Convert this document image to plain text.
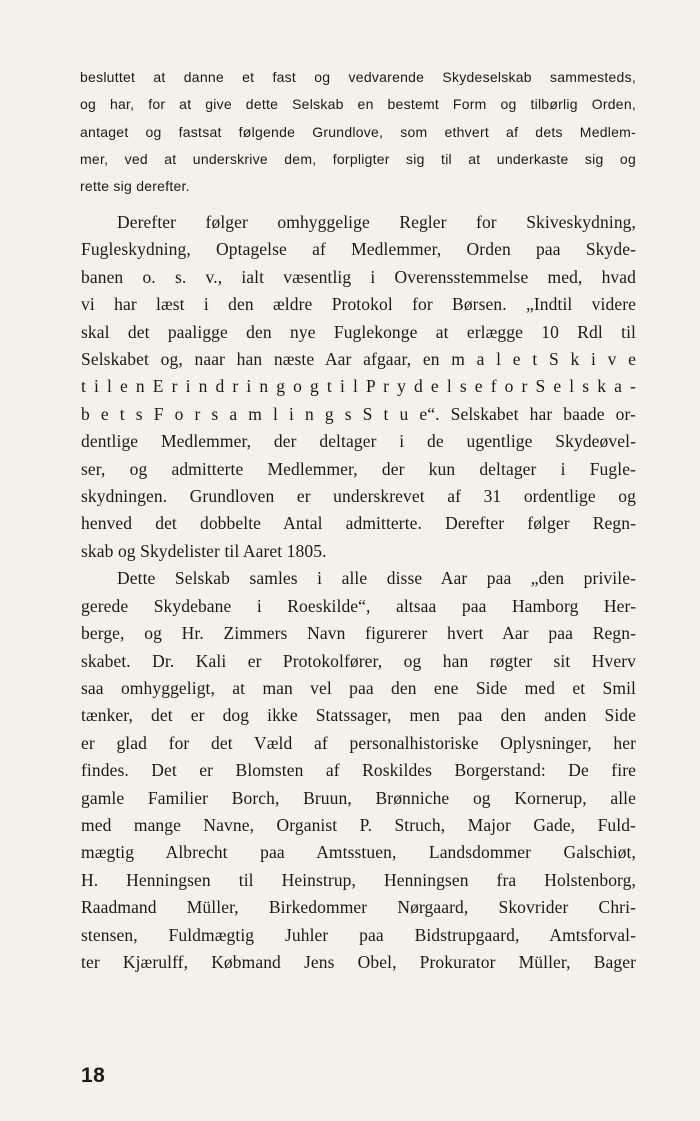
besluttet at danne et fast og vedvarende Skydeselskab sammesteds,
og har, for at give dette Selskab en bestemt Form og tilbørlig Orden,
antaget og fastsat følgende Grundlove, som ethvert af dets Medlem-
mer, ved at underskrive dem, forpligter sig til at underkaste sig og
rette sig derefter.
Derefter følger omhyggelige Regler for Skiveskydning,
Fugleskydning, Optagelse af Medlemmer, Orden paa Skyde-
banen o. s. v., ialt væsentlig i Overensstemmelse med, hvad
vi har læst i den ældre Protokol for Børsen. „Indtil videre
skal det paaligge den nye Fuglekonge at erlægge 10 Rdl til
Selskabet og, naar han næste Aar afgaar, en m a l e t S k i v e
t i l e n E r i n d r i n g o g t i l P r y d e l s e f o r S e l s k a -
b e t s F o r s a m l i n g s S t u e“. Selskabet har baade or-
dentlige Medlemmer, der deltager i de ugentlige Skydeøvel-
ser, og admitterte Medlemmer, der kun deltager i Fugle-
skydningen. Grundloven er underskrevet af 31 ordentlige og
henved det dobbelte Antal admitterte. Derefter følger Regn-
skab og Skydelister til Aaret 1805.
Dette Selskab samles i alle disse Aar paa „den privile-
gerede Skydebane i Roeskilde“, altsaa paa Hamborg Her-
berge, og Hr. Zimmers Navn figurerer hvert Aar paa Regn-
skabet. Dr. Kali er Protokolfører, og han røgter sit Hverv
saa omhyggeligt, at man vel paa den ene Side med et Smil
tænker, det er dog ikke Statssager, men paa den anden Side
er glad for det Væld af personalhistoriske Oplysninger, her
findes. Det er Blomsten af Roskildes Borgerstand: De fire
gamle Familier Borch, Bruun, Brønniche og Kornerup, alle
med mange Navne, Organist P. Struch, Major Gade, Fuld-
mægtig Albrecht paa Amtsstuen, Landsdommer Galschiøt,
H. Henningsen til Heinstrup, Henningsen fra Holstenborg,
Raadmand Müller, Birkedommer Nørgaard, Skovrider Chri-
stensen, Fuldmægtig Juhler paa Bidstrupgaard, Amtsforval-
ter Kjærulff, Købmand Jens Obel, Prokurator Müller, Bager
18
